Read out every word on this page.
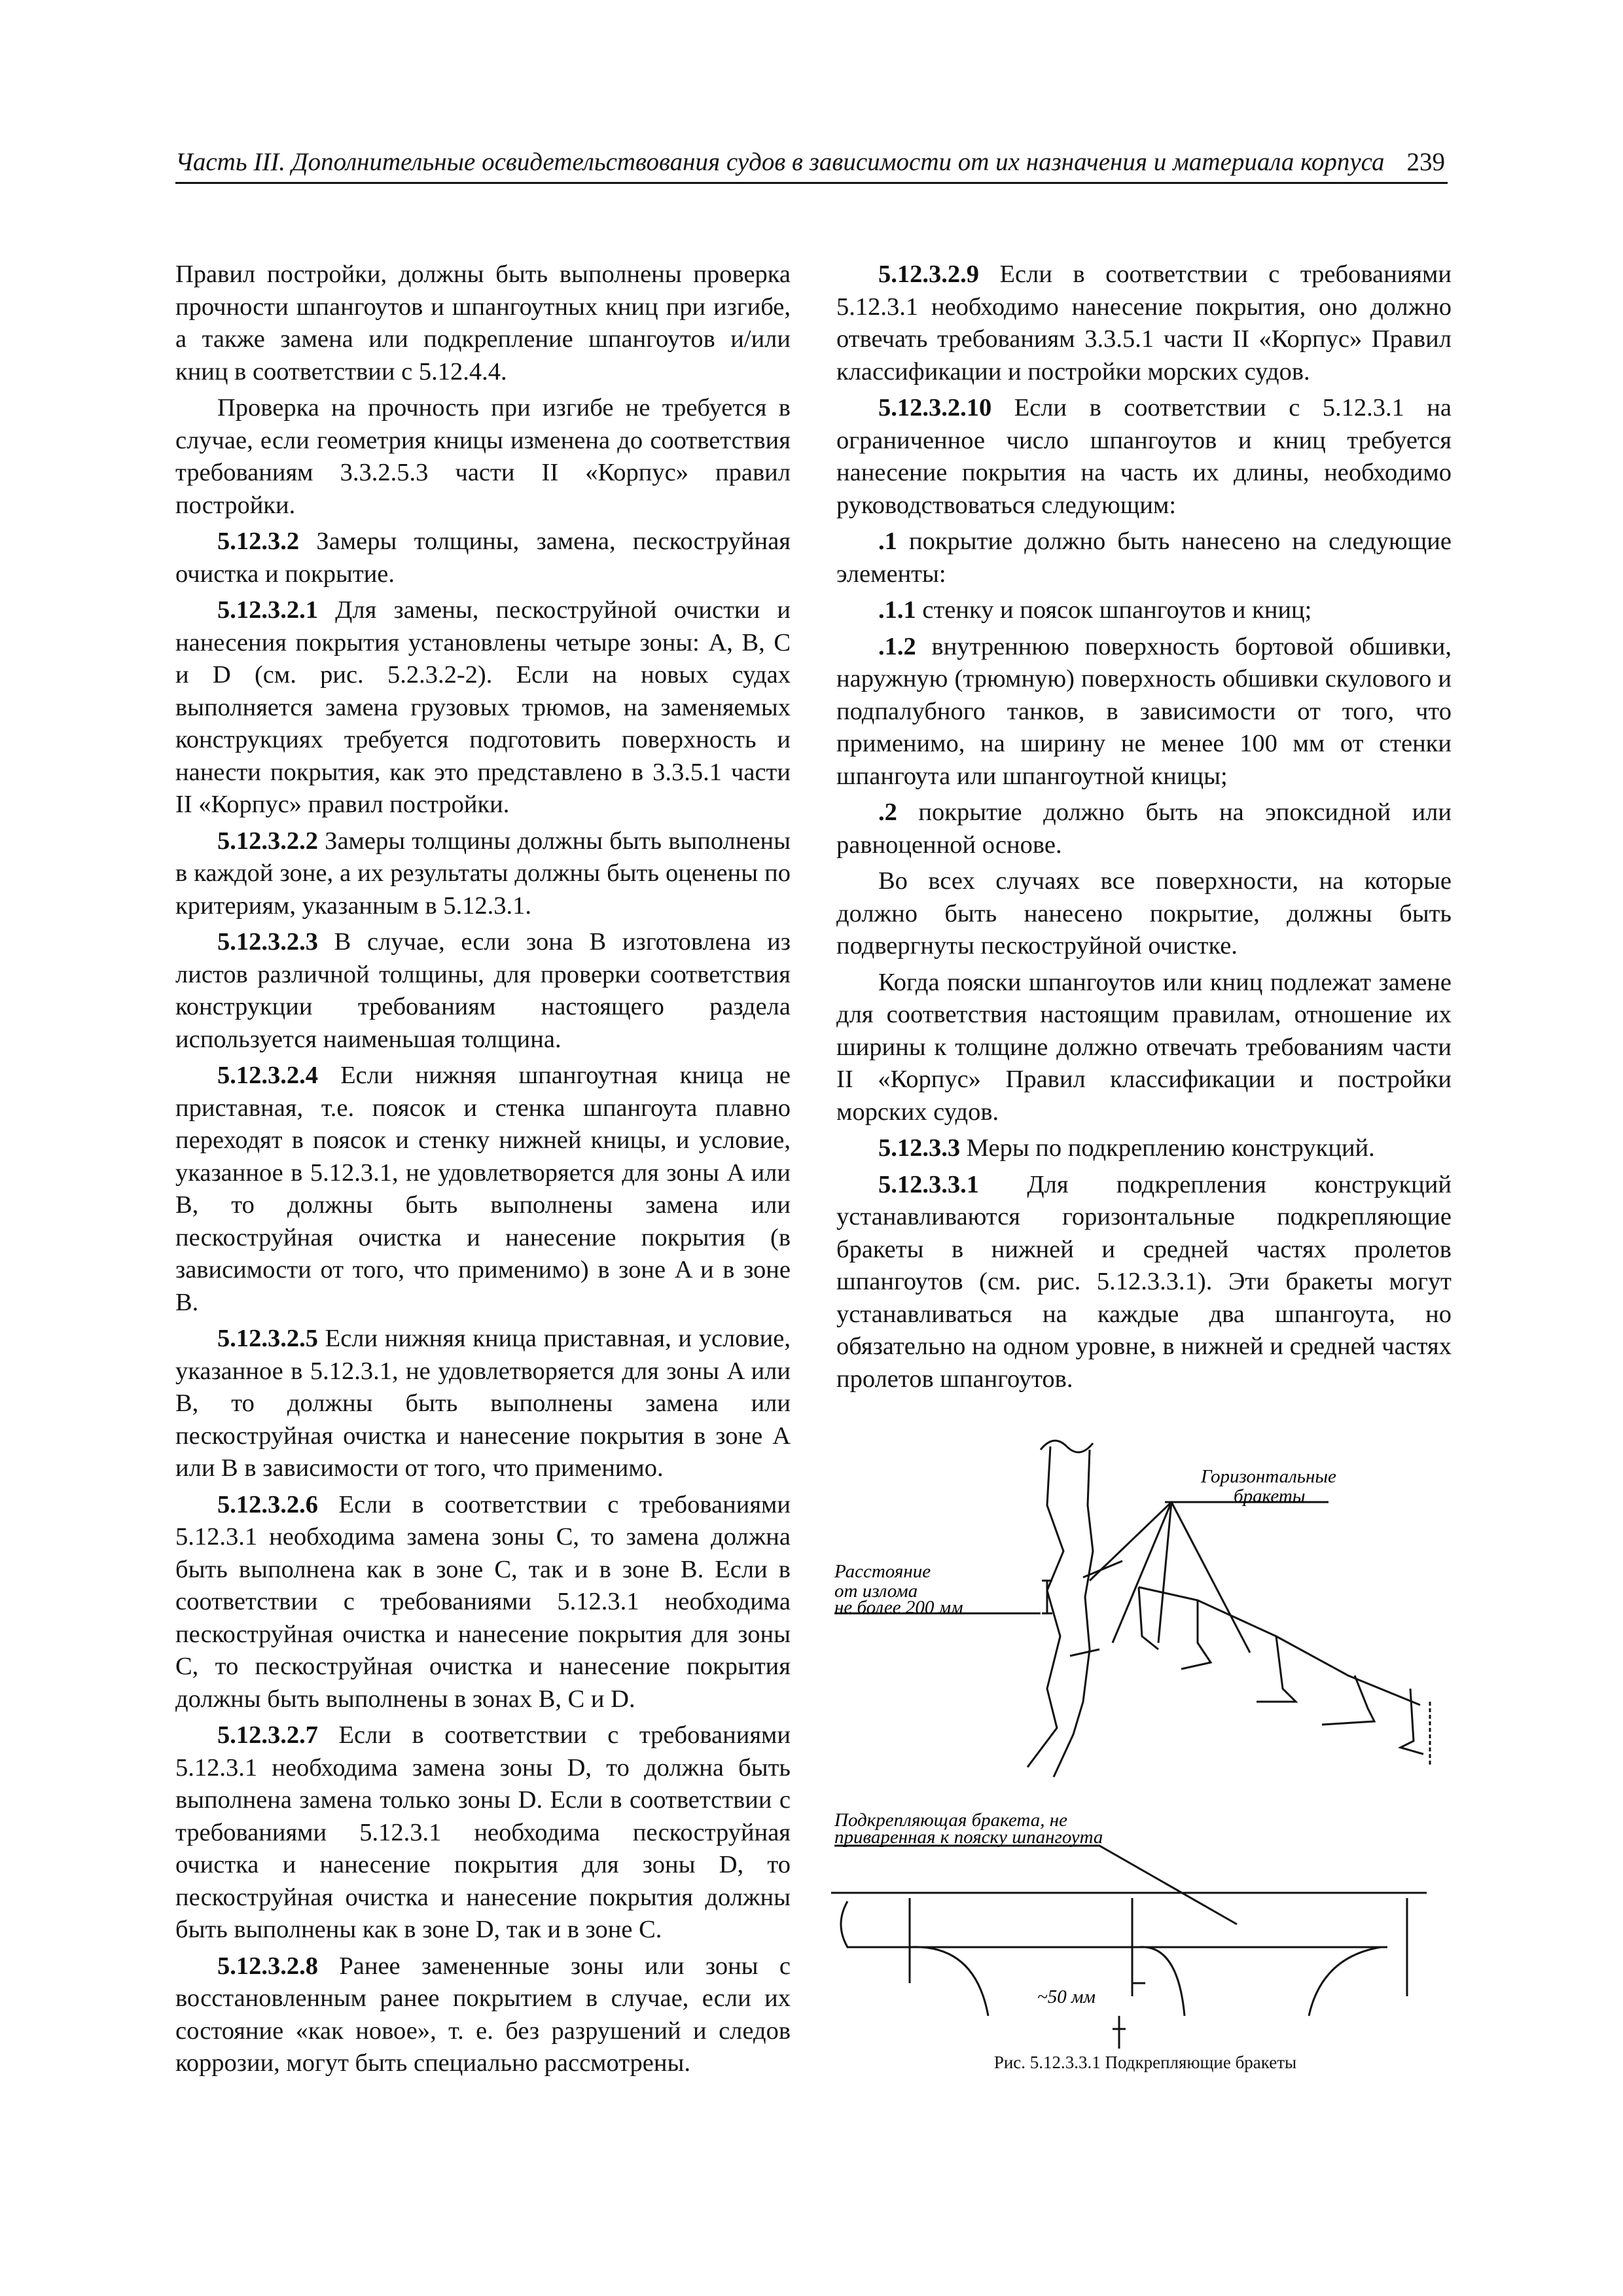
Часть III. Дополнительные освидетельствования судов в зависимости от их назначения и материала корпуса 239

Правил постройки, должны быть выполнены проверка прочности шпангоутов и шпангоутных книц при изгибе, а также замена или подкрепление шпангоутов и/или книц в соответствии с 5.12.4.4.

Проверка на прочность при изгибе не требуется в случае, если геометрия кницы изменена до соответствия требованиям 3.3.2.5.3 части II «Корпус» правил постройки.

5.12.3.2 Замеры толщины, замена, пескоструйная очистка и покрытие.

5.12.3.2.1 Для замены, пескоструйной очистки и нанесения покрытия установлены четыре зоны: A, B, C и D (см. рис. 5.2.3.2-2). Если на новых судах выполняется замена грузовых трюмов, на заменяемых конструкциях требуется подготовить поверхность и нанести покрытия, как это представлено в 3.3.5.1 части II «Корпус» правил постройки.

5.12.3.2.2 Замеры толщины должны быть выполнены в каждой зоне, а их результаты должны быть оценены по критериям, указанным в 5.12.3.1.

5.12.3.2.3 В случае, если зона B изготовлена из листов различной толщины, для проверки соответствия конструкции требованиям настоящего раздела используется наименьшая толщина.

5.12.3.2.4 Если нижняя шпангоутная кница не приставная, т.е. поясок и стенка шпангоута плавно переходят в поясок и стенку нижней кницы, и условие, указанное в 5.12.3.1, не удовлетворяется для зоны A или B, то должны быть выполнены замена или пескоструйная очистка и нанесение покрытия (в зависимости от того, что применимо) в зоне A и в зоне B.

5.12.3.2.5 Если нижняя кница приставная, и условие, указанное в 5.12.3.1, не удовлетворяется для зоны A или B, то должны быть выполнены замена или пескоструйная очистка и нанесение покрытия в зоне A или B в зависимости от того, что применимо.

5.12.3.2.6 Если в соответствии с требованиями 5.12.3.1 необходима замена зоны C, то замена должна быть выполнена как в зоне C, так и в зоне B. Если в соответствии с требованиями 5.12.3.1 необходима пескоструйная очистка и нанесение покрытия для зоны C, то пескоструйная очистка и нанесение покрытия должны быть выполнены в зонах B, C и D.

5.12.3.2.7 Если в соответствии с требованиями 5.12.3.1 необходима замена зоны D, то должна быть выполнена замена только зоны D. Если в соответствии с требованиями 5.12.3.1 необходима пескоструйная очистка и нанесение покрытия для зоны D, то пескоструйная очистка и нанесение покрытия должны быть выполнены как в зоне D, так и в зоне C.

5.12.3.2.8 Ранее замененные зоны или зоны с восстановленным ранее покрытием в случае, если их состояние «как новое», т. е. без разрушений и следов коррозии, могут быть специально рассмотрены.

5.12.3.2.9 Если в соответствии с требованиями 5.12.3.1 необходимо нанесение покрытия, оно должно отвечать требованиям 3.3.5.1 части II «Корпус» Правил классификации и постройки морских судов.

5.12.3.2.10 Если в соответствии с 5.12.3.1 на ограниченное число шпангоутов и книц требуется нанесение покрытия на часть их длины, необходимо руководствоваться следующим:

.1 покрытие должно быть нанесено на следующие элементы:

.1.1 стенку и поясок шпангоутов и книц;

.1.2 внутреннюю поверхность бортовой обшивки, наружную (трюмную) поверхность обшивки скулового и подпалубного танков, в зависимости от того, что применимо, на ширину не менее 100 мм от стенки шпангоута или шпангоутной кницы;

.2 покрытие должно быть на эпоксидной или равноценной основе.

Во всех случаях все поверхности, на которые должно быть нанесено покрытие, должны быть подвергнуты пескоструйной очистке.

Когда пояски шпангоутов или книц подлежат замене для соответствия настоящим правилам, отношение их ширины к толщине должно отвечать требованиям части II «Корпус» Правил классификации и постройки морских судов.

5.12.3.3 Меры по подкреплению конструкций.

5.12.3.3.1 Для подкрепления конструкций устанавливаются горизонтальные подкрепляющие бракеты в нижней и средней частях пролетов шпангоутов (см. рис. 5.12.3.3.1). Эти бракеты могут устанавливаться на каждые два шпангоута, но обязательно на одном уровне, в нижней и средней частях пролетов шпангоутов.

Горизонтальные
бракеты
Расстояние
от излома
не более 200 мм
Подкрепляющая бракета, не
приваренная к пояску шпангоута
~50 мм
Рис. 5.12.3.3.1 Подкрепляющие бракеты
